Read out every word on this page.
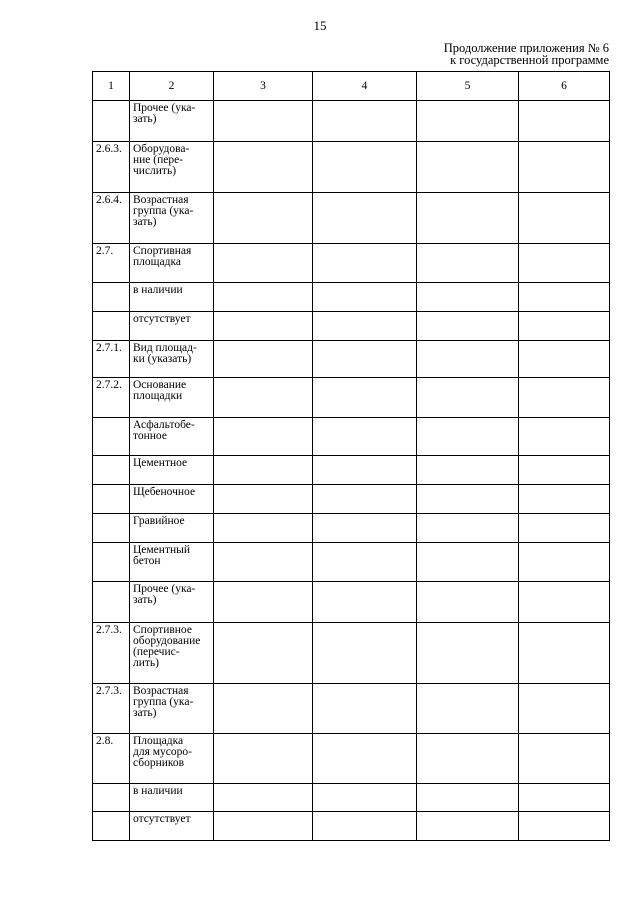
15
Продолжение приложения № 6
к государственной программе
1	2	3	4	5	6
	Прочее (ука-
зать)				
2.6.3.	Оборудова-
ние (пере-
числить)				
2.6.4.	Возрастная
группа (ука-
зать)				
2.7.	Спортивная
площадка				
	в наличии				
	отсутствует				
2.7.1.	Вид площад-
ки (указать)				
2.7.2.	Основание
площадки				
	Асфальтобе-
тонное				
	Цементное				
	Щебеночное				
	Гравийное				
	Цементный
бетон				
	Прочее (ука-
зать)				
2.7.3.	Спортивное
оборудование
(перечис-
лить)				
2.7.3.	Возрастная
группа (ука-
зать)				
2.8.	Площадка
для мусоро-
сборников				
	в наличии				
	отсутствует				
